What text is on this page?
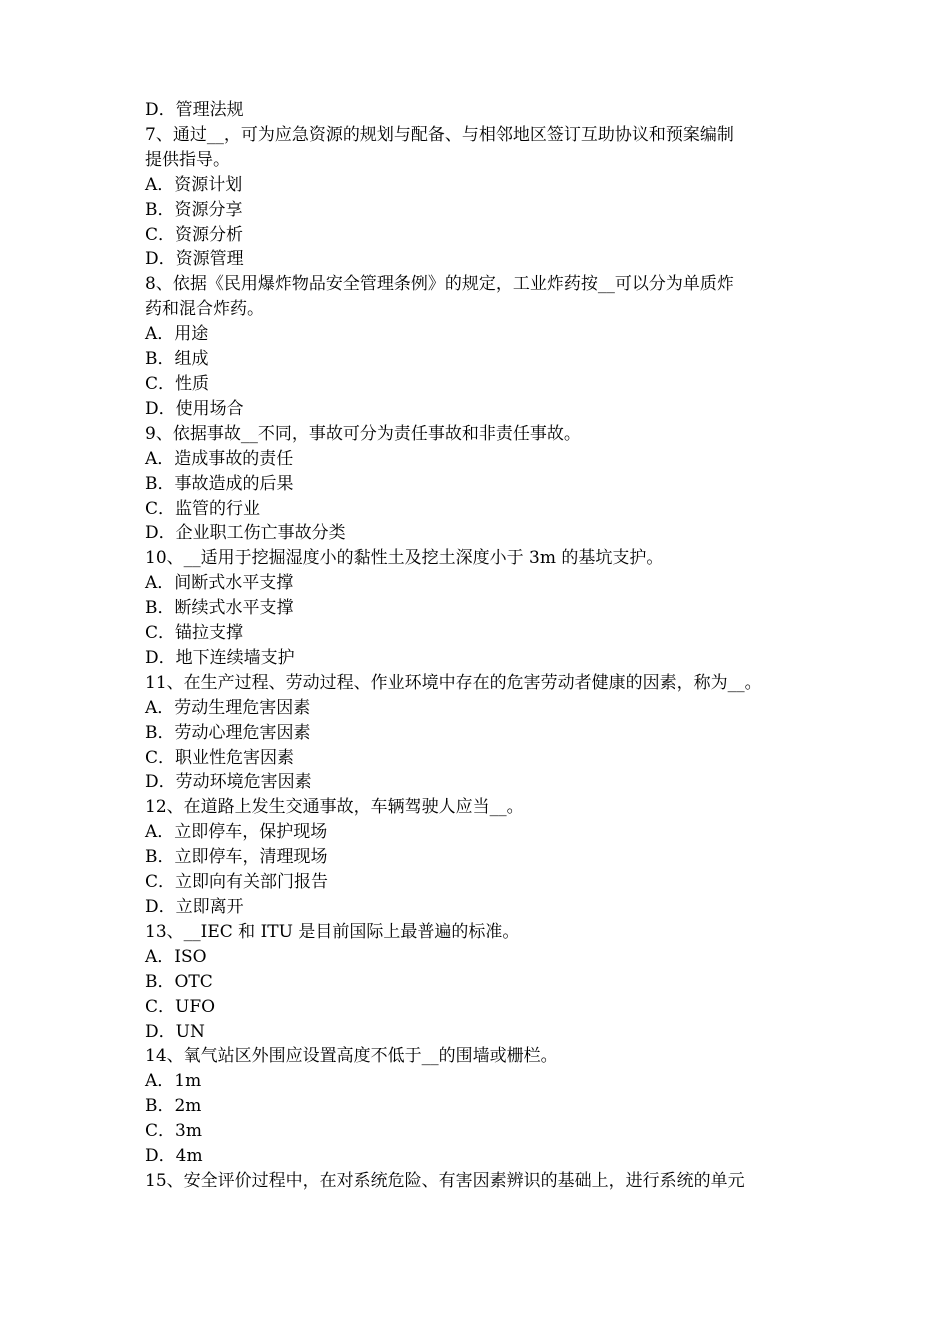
D．管理法规
7、通过__，可为应急资源的规划与配备、与相邻地区签订互助协议和预案编制
提供指导。
A．资源计划
B．资源分享
C．资源分析
D．资源管理
8、依据《民用爆炸物品安全管理条例》的规定，工业炸药按__可以分为单质炸
药和混合炸药。
A．用途
B．组成
C．性质
D．使用场合
9、依据事故__不同，事故可分为责任事故和非责任事故。
A．造成事故的责任
B．事故造成的后果
C．监管的行业
D．企业职工伤亡事故分类
10、__适用于挖掘湿度小的黏性土及挖土深度小于 3m 的基坑支护。
A．间断式水平支撑
B．断续式水平支撑
C．锚拉支撑
D．地下连续墙支护
11、在生产过程、劳动过程、作业环境中存在的危害劳动者健康的因素，称为__。
A．劳动生理危害因素
B．劳动心理危害因素
C．职业性危害因素
D．劳动环境危害因素
12、在道路上发生交通事故，车辆驾驶人应当__。
A．立即停车，保护现场
B．立即停车，清理现场
C．立即向有关部门报告
D．立即离开
13、__IEC 和 ITU 是目前国际上最普遍的标准。
A．ISO
B．OTC
C．UFO
D．UN
14、氧气站区外围应设置高度不低于__的围墙或栅栏。
A．1m
B．2m
C．3m
D．4m
15、安全评价过程中，在对系统危险、有害因素辨识的基础上，进行系统的单元
